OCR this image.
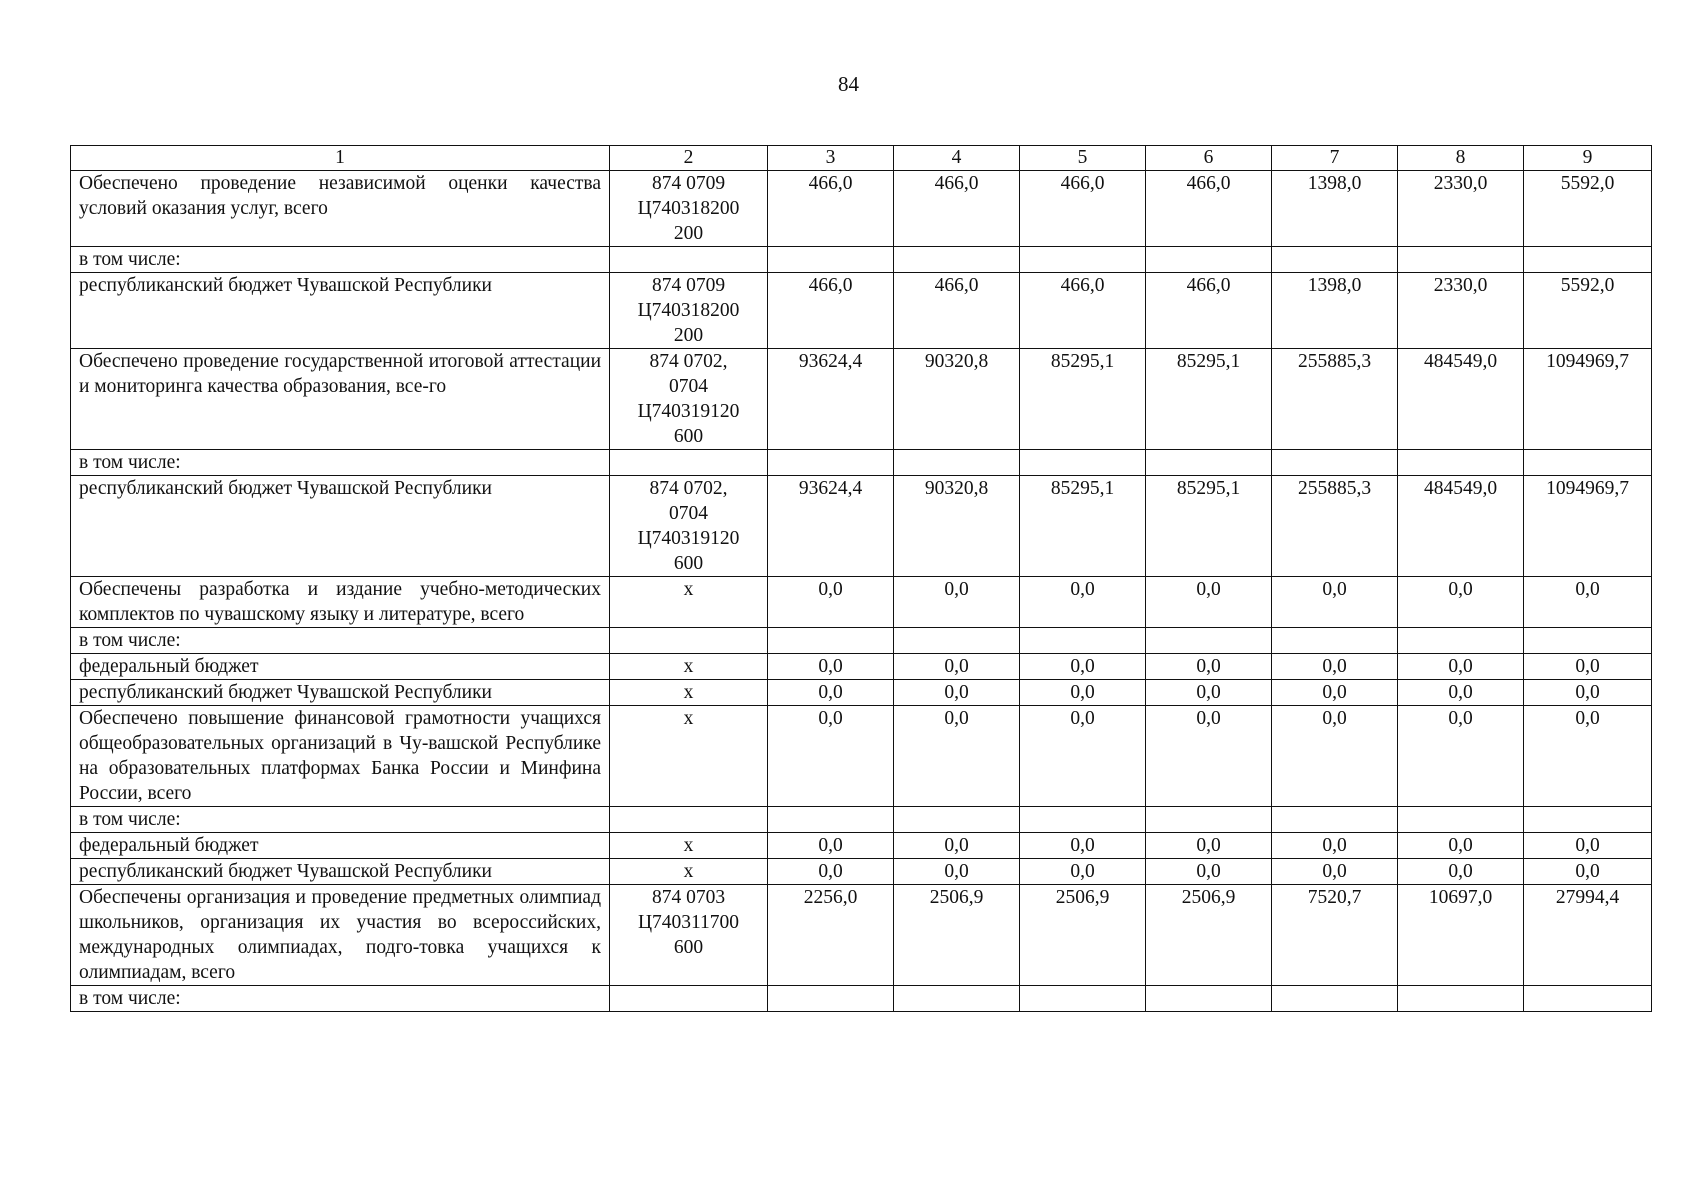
84
1	2	3	4	5	6	7	8	9
Обеспечено проведение независимой оценки качества условий оказания услуг, всего	874 0709
Ц740318200
200	466,0	466,0	466,0	466,0	1398,0	2330,0	5592,0
в том числе:								
республиканский бюджет Чувашской Республики	874 0709
Ц740318200
200	466,0	466,0	466,0	466,0	1398,0	2330,0	5592,0
Обеспечено проведение государственной итоговой аттестации и мониторинга качества образования, все-го	874 0702,
0704
Ц740319120
600	93624,4	90320,8	85295,1	85295,1	255885,3	484549,0	1094969,7
в том числе:								
республиканский бюджет Чувашской Республики	874 0702,
0704
Ц740319120
600	93624,4	90320,8	85295,1	85295,1	255885,3	484549,0	1094969,7
Обеспечены разработка и издание учебно-методических комплектов по чувашскому языку и литературе, всего	x	0,0	0,0	0,0	0,0	0,0	0,0	0,0
в том числе:								
федеральный бюджет	x	0,0	0,0	0,0	0,0	0,0	0,0	0,0
республиканский бюджет Чувашской Республики	x	0,0	0,0	0,0	0,0	0,0	0,0	0,0
Обеспечено повышение финансовой грамотности учащихся общеобразовательных организаций в Чу-вашской Республике на образовательных платформах Банка России и Минфина России, всего	x	0,0	0,0	0,0	0,0	0,0	0,0	0,0
в том числе:								
федеральный бюджет	x	0,0	0,0	0,0	0,0	0,0	0,0	0,0
республиканский бюджет Чувашской Республики	x	0,0	0,0	0,0	0,0	0,0	0,0	0,0
Обеспечены организация и проведение предметных олимпиад школьников, организация их участия во всероссийских, международных олимпиадах, подго-товка учащихся к олимпиадам, всего	874 0703
Ц740311700
600	2256,0	2506,9	2506,9	2506,9	7520,7	10697,0	27994,4
в том числе:								
